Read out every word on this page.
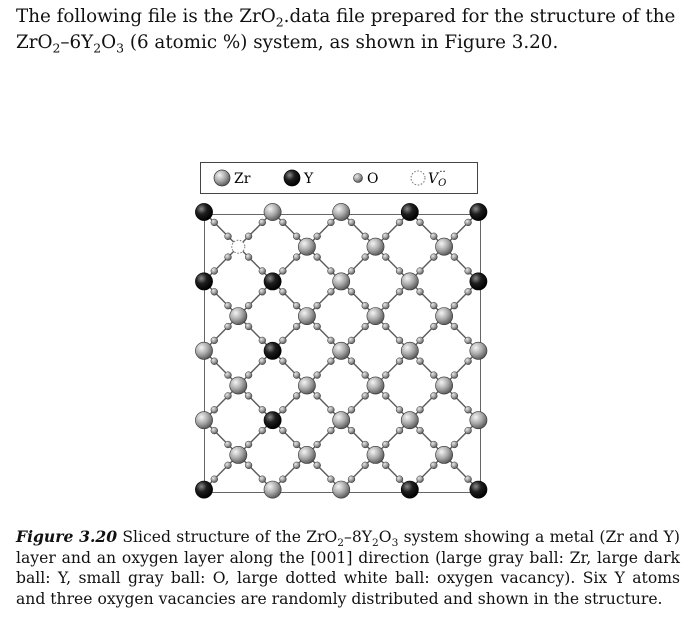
The following file is the ZrO$_2$.data file prepared for the structure of the $ZrO_2-6Y_2O_3$ (6 atomic %) system, as shown in Figure 3.20.

Zr	Y	O	$V_O\cdot\cdot$

Figure 3.20 Sliced structure of the $ZrO_2-8Y_2O_3$ system showing a metal (Zr and Y) layer and an oxygen layer along the [001] direction (large gray ball: Zr, large dark ball: Y, small gray ball: O, large dotted white ball: oxygen vacancy). Six Y atoms and three oxygen vacancies are randomly distributed and shown in the structure.
